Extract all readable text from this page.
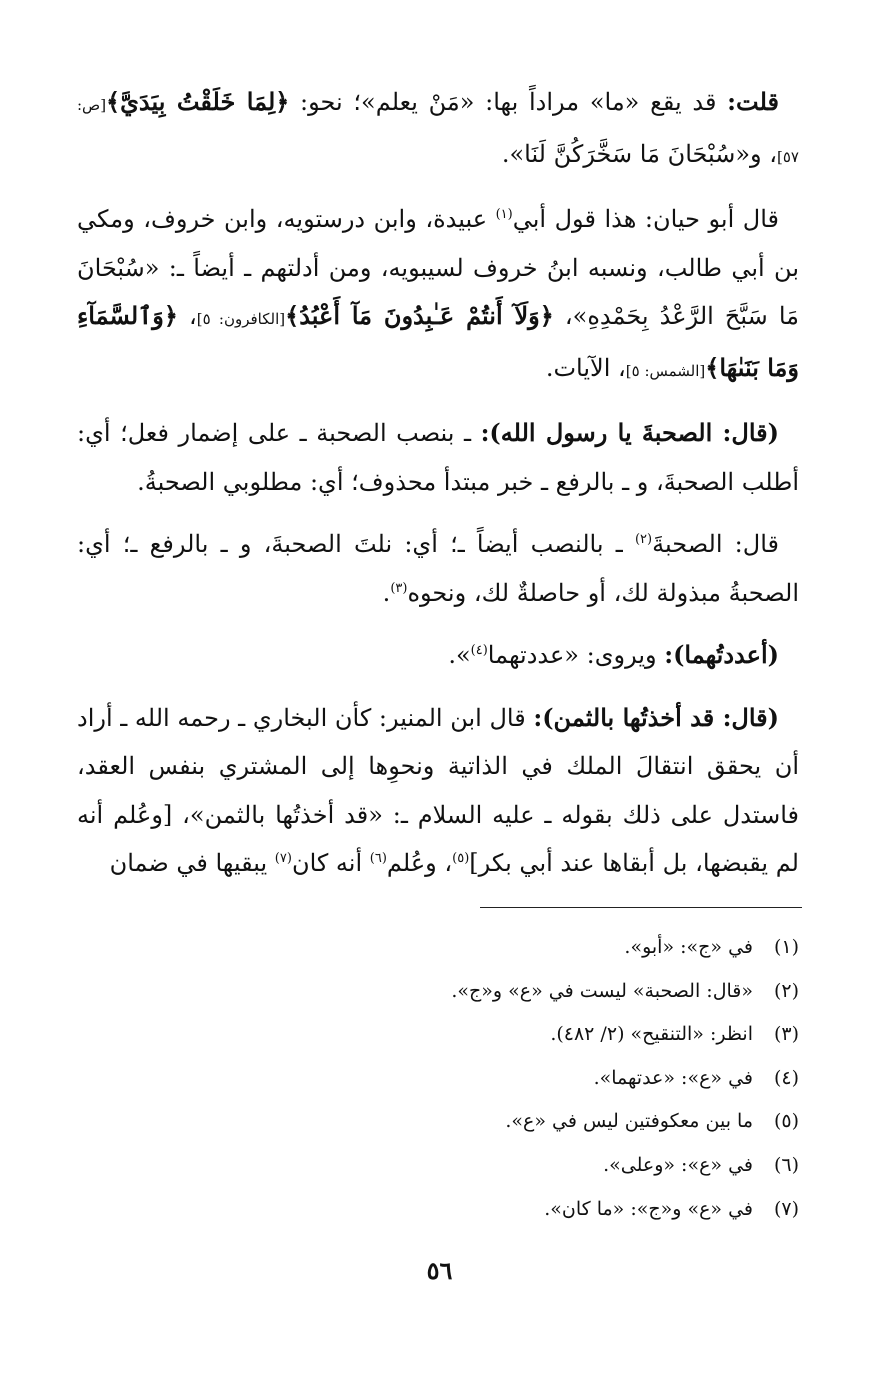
قلت: قد يقع «ما» مراداً بها: «مَنْ يعلم»؛ نحو: ﴿لِمَا خَلَقْتُ بِيَدَيَّ﴾[ص: ٥٧]، و«سُبْحَانَ مَا سَخَّرَكُنَّ لَنَا».

قال أبو حيان: هذا قول أبي$^{(١)}$ عبيدة، وابن درستويه، وابن خروف، ومكي بن أبي طالب، ونسبه ابنُ خروف لسيبويه، ومن أدلتهم ـ أيضاً ـ: «سُبْحَانَ مَا سَبَّحَ الرَّعْدُ بِحَمْدِهِ»، ﴿وَلَآ أَنتُمْ عَـٰبِدُونَ مَآ أَعْبُدُ﴾[الكافرون: ٥]، ﴿وَٱلسَّمَآءِ وَمَا بَنَىٰهَا﴾[الشمس: ٥]، الآيات.

(قال: الصحبةَ يا رسول الله): ـ بنصب الصحبة ـ على إضمار فعل؛ أي: أطلب الصحبةَ، و ـ بالرفع ـ خبر مبتدأ محذوف؛ أي: مطلوبي الصحبةُ.

قال: الصحبةَ$^{(٢)}$ ـ بالنصب أيضاً ـ؛ أي: نلتَ الصحبةَ، و ـ بالرفع ـ؛ أي: الصحبةُ مبذولة لك، أو حاصلةٌ لك، ونحوه$^{(٣)}$.

(أعددتُهما): ويروى: «عددتهما$^{(٤)}$».

(قال: قد أخذتُها بالثمن): قال ابن المنير: كأن البخاري ـ رحمه الله ـ أراد أن يحقق انتقالَ الملك في الذاتية ونحوِها إلى المشتري بنفس العقد، فاستدل على ذلك بقوله ـ عليه السلام ـ: «قد أخذتُها بالثمن»، [وعُلم أنه لم يقبضها، بل أبقاها عند أبي بكر]$^{(٥)}$، وعُلم$^{(٦)}$ أنه كان$^{(٧)}$ يبقيها في ضمان

(١)في «ج»: «أبو».
(٢)«قال: الصحبة» ليست في «ع» و«ج».
(٣)انظر: «التنقيح» (٢/ ٤٨٢).
(٤)في «ع»: «عدتهما».
(٥)ما بين معكوفتين ليس في «ع».
(٦)في «ع»: «وعلى».
(٧)في «ع» و«ج»: «ما كان».
٥٦
